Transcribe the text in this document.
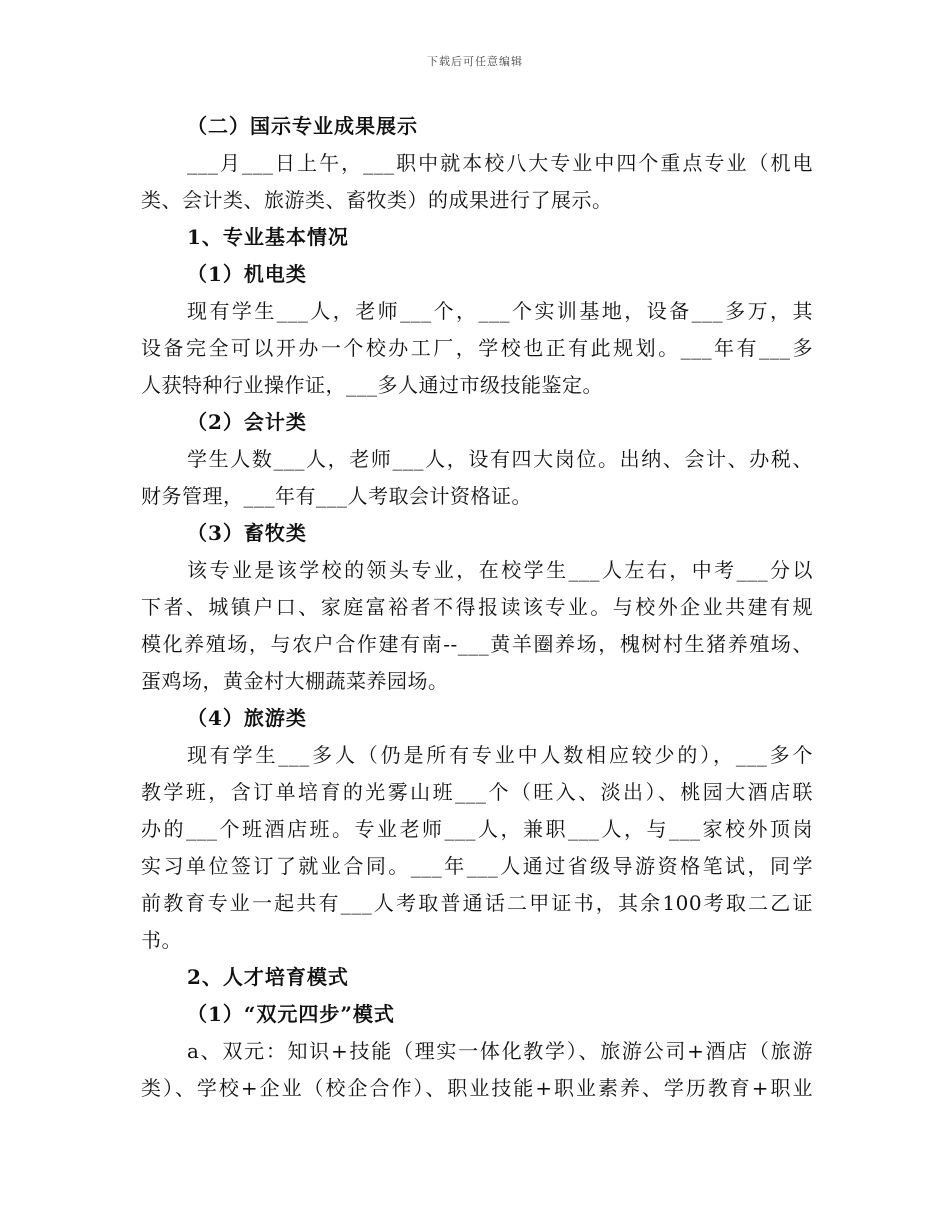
下载后可任意编辑
（二）国示专业成果展示
___月___日上午，___职中就本校八大专业中四个重点专业（机电
类、会计类、旅游类、畜牧类）的成果进行了展示。
1、专业基本情况
（1）机电类
现有学生___人，老师___个，___个实训基地，设备___多万，其
设备完全可以开办一个校办工厂，学校也正有此规划。___年有___多
人获特种行业操作证，___多人通过市级技能鉴定。
（2）会计类
学生人数___人，老师___人，设有四大岗位。出纳、会计、办税、
财务管理，___年有___人考取会计资格证。
（3）畜牧类
该专业是该学校的领头专业，在校学生___人左右，中考___分以
下者、城镇户口、家庭富裕者不得报读该专业。与校外企业共建有规
模化养殖场，与农户合作建有南--___黄羊圈养场，槐树村生猪养殖场、
蛋鸡场，黄金村大棚蔬菜养园场。
（4）旅游类
现有学生___多人（仍是所有专业中人数相应较少的），___多个
教学班，含订单培育的光雾山班___个（旺入、淡出）、桃园大酒店联
办的___个班酒店班。专业老师___人，兼职___人，与___家校外顶岗
实习单位签订了就业合同。___年___人通过省级导游资格笔试，同学
前教育专业一起共有___人考取普通话二甲证书，其余100考取二乙证
书。
2、人才培育模式
（1）“双元四步”模式
a、双元：知识+技能（理实一体化教学）、旅游公司+酒店（旅游
类）、学校+企业（校企合作）、职业技能+职业素养、学历教育+职业
